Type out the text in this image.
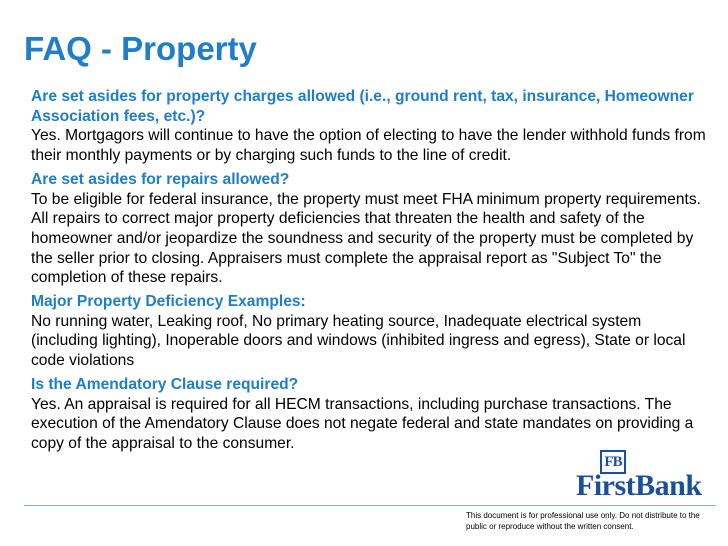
FAQ - Property

Are set asides for property charges allowed (i.e., ground rent, tax, insurance, Homeowner Association fees, etc.)?

Yes. Mortgagors will continue to have the option of electing to have the lender withhold funds from their monthly payments or by charging such funds to the line of credit.

Are set asides for repairs allowed?

To be eligible for federal insurance, the property must meet FHA minimum property requirements. All repairs to correct major property deficiencies that threaten the health and safety of the homeowner and/or jeopardize the soundness and security of the property must be completed by the seller prior to closing. Appraisers must complete the appraisal report as "Subject To" the completion of these repairs.

Major Property Deficiency Examples:

No running water, Leaking roof, No primary heating source, Inadequate electrical system (including lighting), Inoperable doors and windows (inhibited ingress and egress), State or local code violations

Is the Amendatory Clause required?

Yes. An appraisal is required for all HECM transactions, including purchase transactions. The execution of the Amendatory Clause does not negate federal and state mandates on providing a copy of the appraisal to the consumer.

FB
FirstBank
This document is for professional use only. Do not distribute to the public or reproduce without the written consent.
